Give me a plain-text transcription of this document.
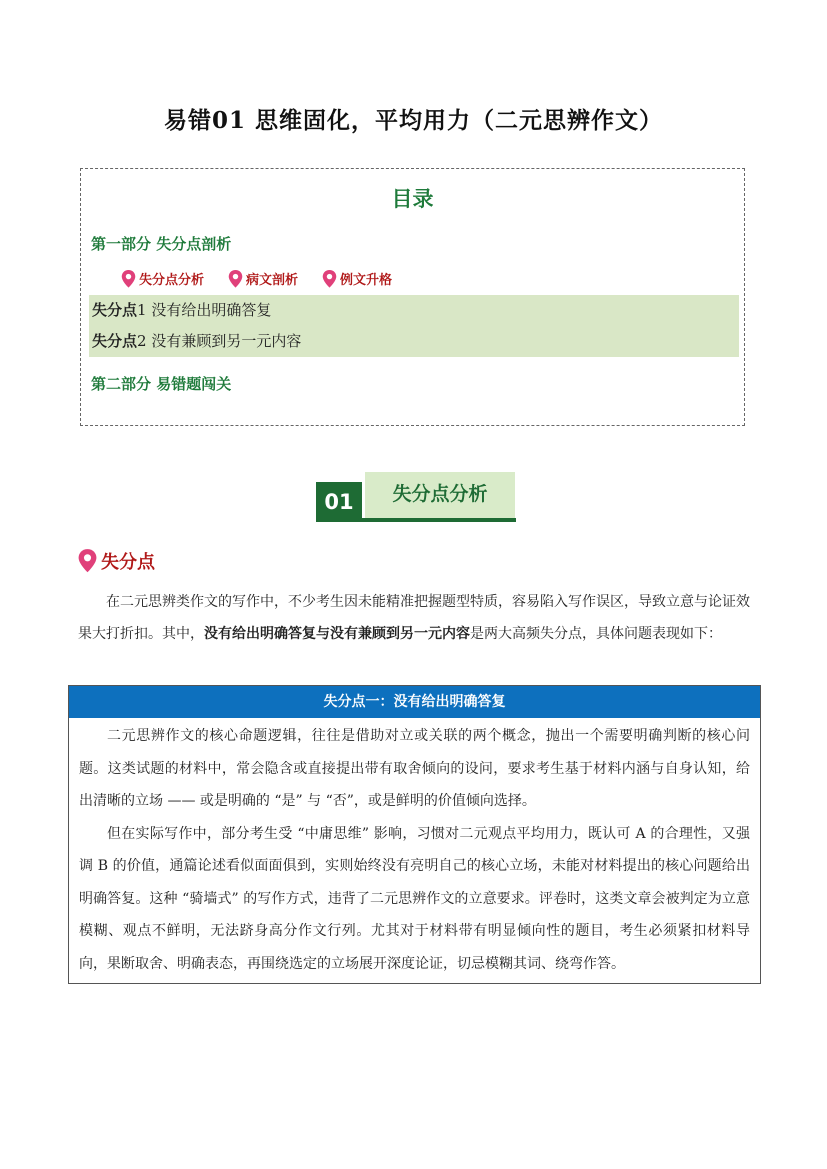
易错01 思维固化，平均用力（二元思辨作文）
目录
第一部分 失分点剖析
失分点分析	病文剖析	例文升格
失分点1 没有给出明确答复
失分点2 没有兼顾到另一元内容
第二部分 易错题闯关
01	失分点分析
失分点

在二元思辨类作文的写作中，不少考生因未能精准把握题型特质，容易陷入写作误区，导致立意与论证效果大打折扣。其中，没有给出明确答复与没有兼顾到另一元内容是两大高频失分点，具体问题表现如下：

失分点一：没有给出明确答复

二元思辨作文的核心命题逻辑，往往是借助对立或关联的两个概念，抛出一个需要明确判断的核心问题。这类试题的材料中，常会隐含或直接提出带有取舍倾向的设问，要求考生基于材料内涵与自身认知，给出清晰的立场 —— 或是明确的 “是” 与 “否”，或是鲜明的价值倾向选择。

但在实际写作中，部分考生受 “中庸思维” 影响，习惯对二元观点平均用力，既认可 A 的合理性，又强调 B 的价值，通篇论述看似面面俱到，实则始终没有亮明自己的核心立场，未能对材料提出的核心问题给出明确答复。这种 “骑墙式” 的写作方式，违背了二元思辨作文的立意要求。评卷时，这类文章会被判定为立意模糊、观点不鲜明，无法跻身高分作文行列。尤其对于材料带有明显倾向性的题目，考生必须紧扣材料导向，果断取舍、明确表态，再围绕选定的立场展开深度论证，切忌模糊其词、绕弯作答。
